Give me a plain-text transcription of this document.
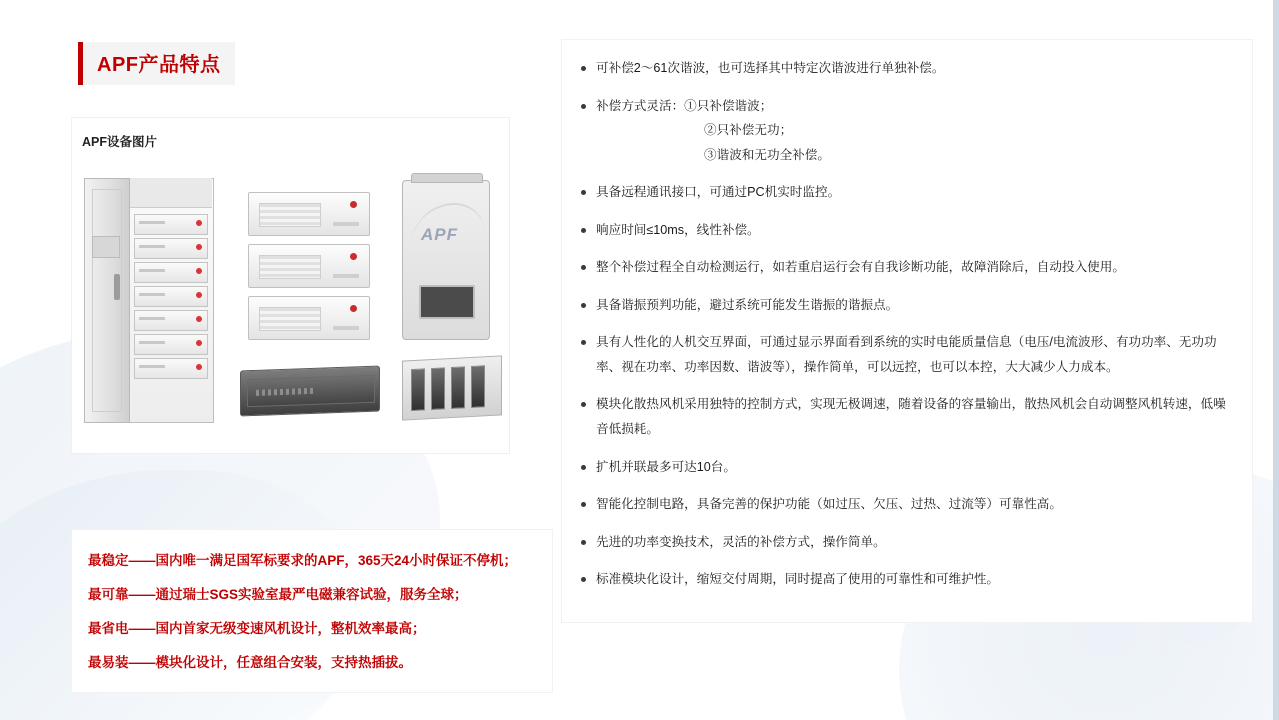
APF产品特点
APF设备图片
APF
最稳定——国内唯一满足国军标要求的APF，365天24小时保证不停机；
最可靠——通过瑞士SGS实验室最严电磁兼容试验，服务全球；
最省电——国内首家无级变速风机设计，整机效率最高；
最易装——模块化设计，任意组合安装，支持热插拔。
可补偿2～61次谐波，也可选择其中特定次谐波进行单独补偿。
补偿方式灵活：①只补偿谐波；
②只补偿无功；
③谐波和无功全补偿。
具备远程通讯接口，可通过PC机实时监控。
响应时间≤10ms，线性补偿。
整个补偿过程全自动检测运行，如若重启运行会有自我诊断功能，故障消除后，自动投入使用。
具备谐振预判功能，避过系统可能发生谐振的谐振点。
具有人性化的人机交互界面，可通过显示界面看到系统的实时电能质量信息（电压/电流波形、有功功率、无功功率、视在功率、功率因数、谐波等），操作简单，可以远控，也可以本控，大大减少人力成本。
模块化散热风机采用独特的控制方式，实现无极调速，随着设备的容量输出，散热风机会自动调整风机转速，低噪音低损耗。
扩机并联最多可达10台。
智能化控制电路，具备完善的保护功能（如过压、欠压、过热、过流等）可靠性高。
先进的功率变换技术，灵活的补偿方式，操作简单。
标准模块化设计，缩短交付周期，同时提高了使用的可靠性和可维护性。
